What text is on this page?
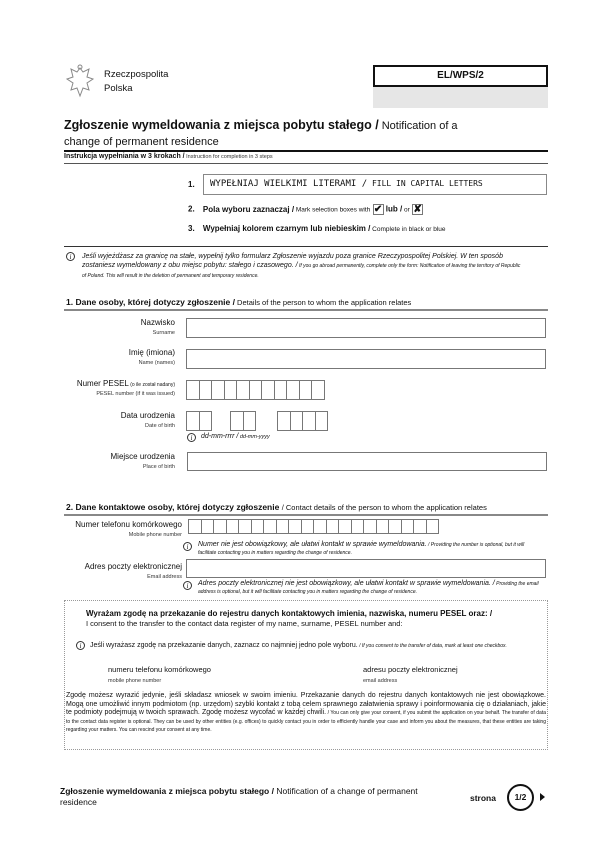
Rzeczpospolita
Polska
EL/WPS/2
Zgłoszenie wymeldowania z miejsca pobytu stałego / Notification of a change of permanent residence
Instrukcja wypełniania w 3 krokach / Instruction for completion in 3 steps
1.	WYPEŁNIAJ WIELKIMI LITERAMI / FILL IN CAPITAL LETTERS
2. Pola wyboru zaznaczaj / Mark selection boxes with ✔ lub / or ✘
3. Wypełniaj kolorem czarnym lub niebieskim / Complete in black or blue
i	Jeśli wyjeżdżasz za granicę na stałe, wypełnij tylko formularz Zgłoszenie wyjazdu poza granice Rzeczypospolitej Polskiej. W ten sposób zostaniesz wymeldowany z obu miejsc pobytu: stałego i czasowego. / If you go abroad permanently, complete only the form: Notification of leaving the territory of Republic of Poland. This will result in the deletion of permanent and temporary residence.
1. Dane osoby, której dotyczy zgłoszenie / Details of the person to whom the application relates
Nazwisko
Surname
Imię (imiona)
Name (names)
Numer PESEL (o ile został nadany)
PESEL number (if it was issued)
Data urodzenia
Date of birth
i	dd-mm-rrrr / dd-mm-yyyy
Miejsce urodzenia
Place of birth
2. Dane kontaktowe osoby, której dotyczy zgłoszenie / Contact details of the person to whom the application relates
Numer telefonu komórkowego
Mobile phone number
i	Numer nie jest obowiązkowy, ale ułatwi kontakt w sprawie wymeldowania. / Providing the number is optional, but it will facilitate contacting you in matters regarding the change of residence.
Adres poczty elektronicznej
Email address
i	Adres poczty elektronicznej nie jest obowiązkowy, ale ułatwi kontakt w sprawie wymeldowania. / Providing the email address is optional, but it will facilitate contacting you in matters regarding the change of residence.
Wyrażam zgodę na przekazanie do rejestru danych kontaktowych imienia, nazwiska, numeru PESEL oraz: /
I consent to the transfer to the contact data register of my name, surname, PESEL number and:
i	Jeśli wyrażasz zgodę na przekazanie danych, zaznacz co najmniej jedno pole wyboru. / If you consent to the transfer of data, mark at least one checkbox.
numeru telefonu komórkowego
mobile phone number
adresu poczty elektronicznej
email address
Zgodę możesz wyrazić jedynie, jeśli składasz wniosek w swoim imieniu. Przekazanie danych do rejestru danych kontaktowych nie jest obowiązkowe. Mogą one umożliwić innym podmiotom (np. urzędom) szybki kontakt z tobą celem sprawnego załatwienia sprawy i poinformowania cię o działaniach, jakie te podmioty podejmują w twoich sprawach. Zgodę możesz wycofać w każdej chwili. / You can only give your consent, if you submit the application on your behalf. The transfer of data to the contact data register is optional. They can be used by other entities (e.g. offices) to quickly contact you in order to efficiently handle your case and inform you about the measures, that these entities are taking regarding your matters. You can rescind your consent at any time.
Zgłoszenie wymeldowania z miejsca pobytu stałego / Notification of a change of permanent residence	strona	1/2
